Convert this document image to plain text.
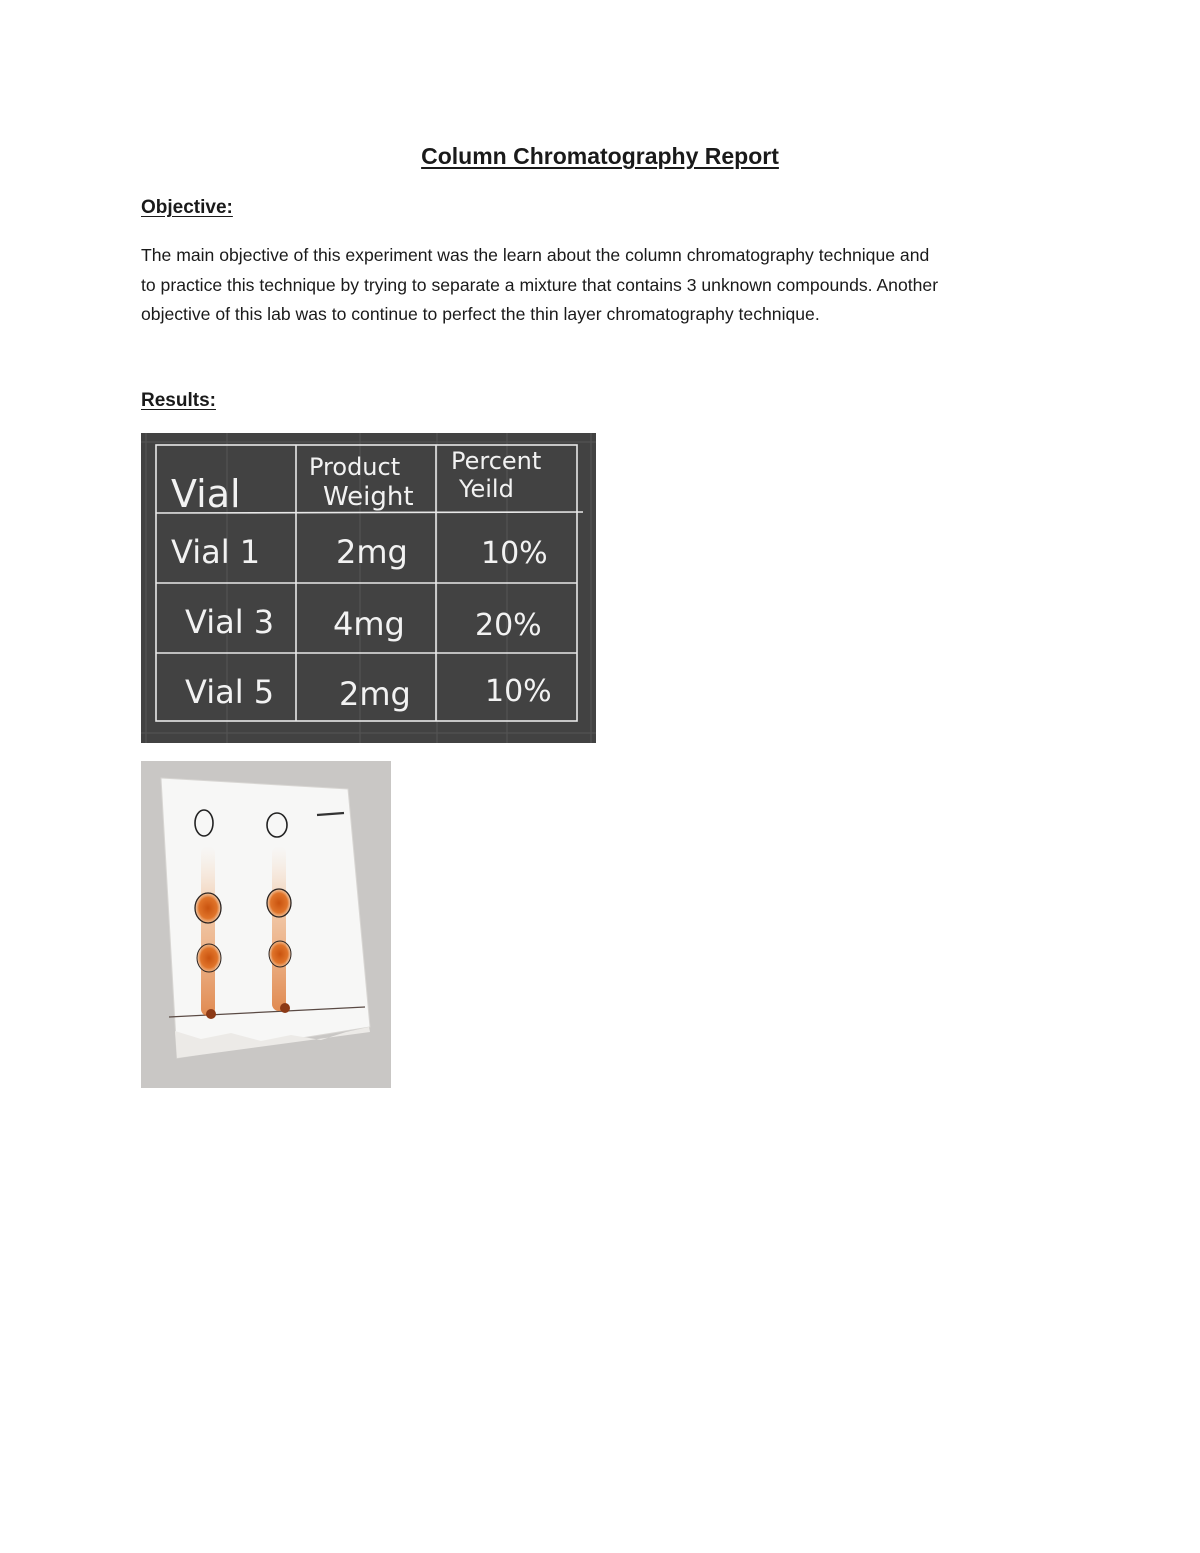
Column Chromatography Report
Objective:
The main objective of this experiment was the learn about the column chromatography technique and
to practice this technique by trying to separate a mixture that contains 3 unknown compounds. Another
objective of this lab was to continue to perfect the thin layer chromatography technique.
Results:
Vial
Product
Weight
Percent
Yeild
Vial 1 2mg 10%
Vial 3 4mg 20%
Vial 5 2mg 10%
